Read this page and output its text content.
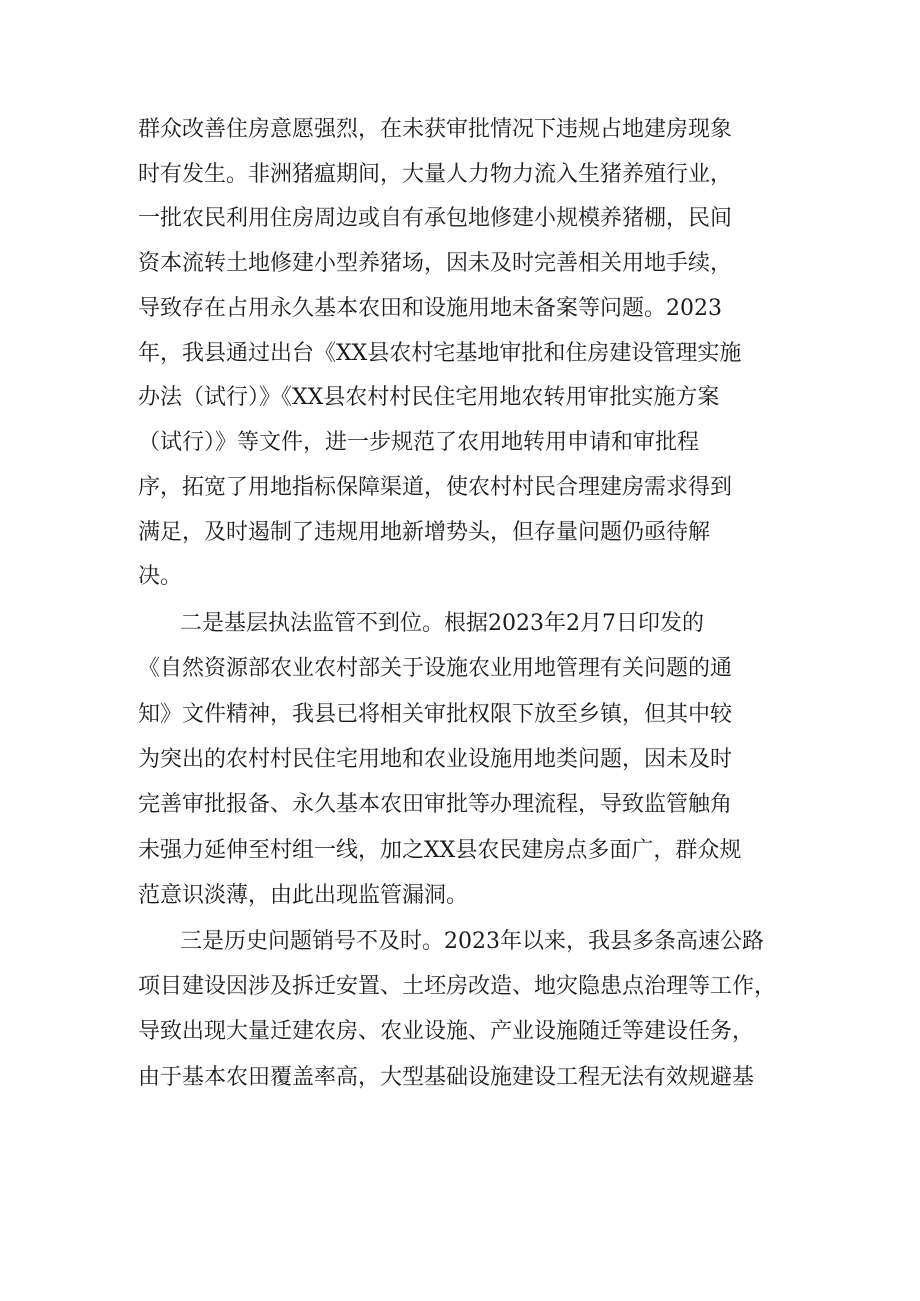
群众改善住房意愿强烈，在未获审批情况下违规占地建房现象
时有发生。非洲猪瘟期间，大量人力物力流入生猪养殖行业，
一批农民利用住房周边或自有承包地修建小规模养猪棚，民间
资本流转土地修建小型养猪场，因未及时完善相关用地手续，
导致存在占用永久基本农田和设施用地未备案等问题。2023
年，我县通过出台《XX县农村宅基地审批和住房建设管理实施
办法（试行）》《XX县农村村民住宅用地农转用审批实施方案
（试行）》等文件，进一步规范了农用地转用申请和审批程
序，拓宽了用地指标保障渠道，使农村村民合理建房需求得到
满足，及时遏制了违规用地新增势头，但存量问题仍亟待解
决。
二是基层执法监管不到位。根据2023年2月7日印发的
《自然资源部农业农村部关于设施农业用地管理有关问题的通
知》文件精神，我县已将相关审批权限下放至乡镇，但其中较
为突出的农村村民住宅用地和农业设施用地类问题，因未及时
完善审批报备、永久基本农田审批等办理流程，导致监管触角
未强力延伸至村组一线，加之XX县农民建房点多面广，群众规
范意识淡薄，由此出现监管漏洞。
三是历史问题销号不及时。2023年以来，我县多条高速公路
项目建设因涉及拆迁安置、土坯房改造、地灾隐患点治理等工作，
导致出现大量迁建农房、农业设施、产业设施随迁等建设任务，
由于基本农田覆盖率高，大型基础设施建设工程无法有效规避基
